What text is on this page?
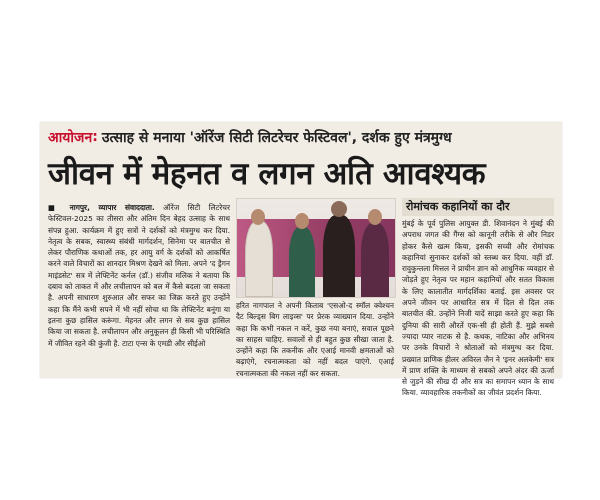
आयोजन : उत्साह से मनाया 'ऑरेंज सिटी लिटरेचर फेस्टिवल', दर्शक हुए मंत्रमुग्ध
जीवन में मेहनत व लगन अति आवश्यक
■ नागपुर, व्यापार संवाददाता. ऑरेंज सिटी लिटरेचर फेस्टिवल-2025 का तीसरा और अंतिम दिन बेहद उत्साह के साथ संपन्न हुआ. कार्यक्रम में हुए सत्रों ने दर्शकों को मंत्रमुग्ध कर दिया. नेतृत्व के सबक, स्वास्थ्य संबंधी मार्गदर्शन, सिनेमा पर बातचीत से लेकर पौराणिक कथाओं तक, हर आयु वर्ग के दर्शकों को आकर्षित करने वाले विचारों का शानदार मिश्रण देखने को मिला. अपने 'द ड्रैगन माइंडसेट' सत्र में लेफ्टिनेंट कर्नल (डॉ.) संजीव मलिक ने बताया कि दबाव को ताकत में और लचीलापन को बल में कैसे बदला जा सकता है. अपनी साधारण शुरुआत और सफर का जिक्र करते हुए उन्होंने कहा कि मैंने कभी सपने में भी नहीं सोचा था कि लेफ्टिनेंट बनूंगा या इतना कुछ हासिल करूंगा. मेहनत और लगन से सब कुछ हासिल किया जा सकता है. लचीलापन और अनुकूलन ही किसी भी परिस्थिति में जीवित रहने की कुंजी है. टाटा एन्स के एमडी और सीईओ
हरित नागपाल ने अपनी किताब 'एसओ-द स्मॉल क्वेश्चन दैट बिल्ड्स बिग लाइव्स' पर प्रेरक व्याख्यान दिया. उन्होंने कहा कि कभी नकल न करें, कुछ नया बनाएं, सवाल पूछने का साहस चाहिए. सवालों से ही बहुत कुछ सीखा जाता है. उन्होंने कहा कि तकनीक और एआई मानवी क्षमताओं को बढ़ाएंगे, रचनात्मकता को नहीं बदल पाएंगे. एआई रचनात्मकता की नकल नहीं कर सकता.
रोमांचक कहानियों का दौर
मुंबई के पूर्व पुलिस आयुक्त डी. शिवानंदन ने मुंबई की अपराध जगत की गैंग्स को कानूनी तरीके से और निडर होकर कैसे खत्म किया, इसकी सच्ची और रोमांचक कहानियां सुनाकर दर्शकों को स्तब्ध कर दिया. वहीं डॉ. रावुकुन्तला मित्तल ने प्राचीन ज्ञान को आधुनिक व्यवहार से जोड़ते हुए नेतृत्व पर महान कहानियों और सतत विकास के लिए कालातीत मार्गदर्शिका बताई. इस अवसर पर अपने जीवन पर आधारित सत्र में दिल से दिल तक बातचीत की. उन्होंने निजी यादें साझा करते हुए कहा कि दुनिया की सारी औरतें एक-सी ही होती हैं. मुझे सबसे ज्यादा प्यार नाटक से है. कथक, नाटिका और अभिनय पर उनके विचारों ने श्रोताओं को मंत्रमुग्ध कर दिया. प्रख्यात प्राणिक हीलर अविरल जैन ने 'इनर अलकेमी' सत्र में प्राण शक्ति के माध्यम से सबको अपने अंदर की ऊर्जा से जुड़ने की सीख दी और सत्र का समापन ध्यान के साथ किया. व्यावहारिक तकनीकों का जीवंत प्रदर्शन किया.
